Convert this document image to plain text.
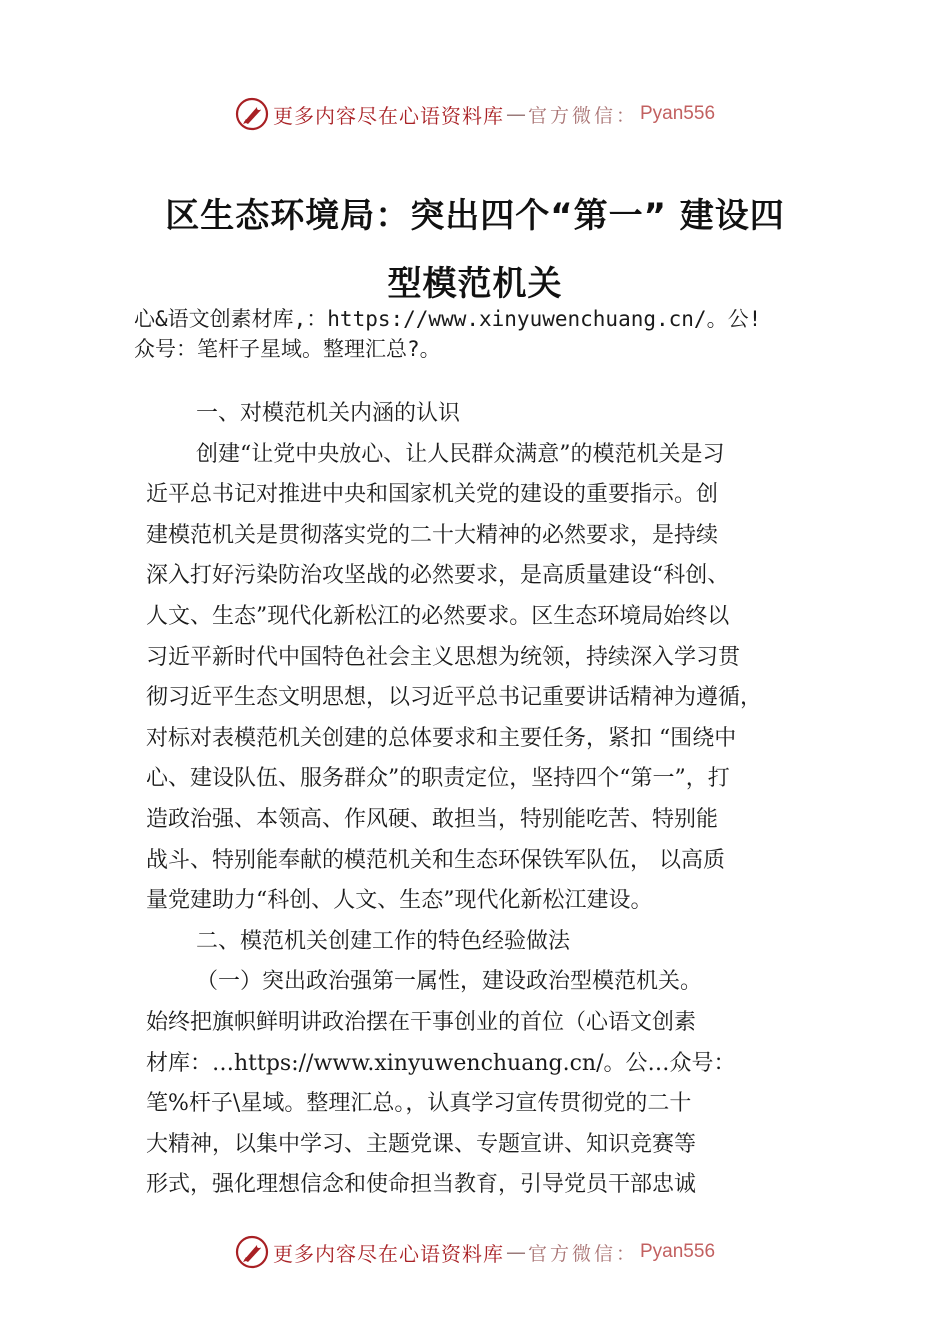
更多内容尽在心语资料库 — 官方微信： Pyan556
区生态环境局：突出四个“第一” 建设四
型模范机关
心&语文创素材库,：https://www.xinyuwenchuang.cn/。公!
众号：笔杆子星域。整理汇总?。

一、对模范机关内涵的认识

创建“让党中央放心、让人民群众满意”的模范机关是习

近平总书记对推进中央和国家机关党的建设的重要指示。创

建模范机关是贯彻落实党的二十大精神的必然要求，是持续

深入打好污染防治攻坚战的必然要求，是高质量建设“科创、

人文、生态”现代化新松江的必然要求。区生态环境局始终以

习近平新时代中国特色社会主义思想为统领，持续深入学习贯

彻习近平生态文明思想，以习近平总书记重要讲话精神为遵循，

对标对表模范机关创建的总体要求和主要任务，紧扣 “围绕中

心、建设队伍、服务群众”的职责定位，坚持四个“第一”，打

造政治强、本领高、作风硬、敢担当，特别能吃苦、特别能

战斗、特别能奉献的模范机关和生态环保铁军队伍， 以高质

量党建助力“科创、人文、生态”现代化新松江建设。

二、模范机关创建工作的特色经验做法

（一）突出政治强第一属性，建设政治型模范机关。

始终把旗帜鲜明讲政治摆在干事创业的首位（心语文创素

材库：…https://www.xinyuwenchuang.cn/。公…众号：

笔%杆子\星域。整理汇总。，认真学习宣传贯彻党的二十

大精神，以集中学习、主题党课、专题宣讲、知识竞赛等

形式，强化理想信念和使命担当教育，引导党员干部忠诚

更多内容尽在心语资料库 — 官方微信： Pyan556
